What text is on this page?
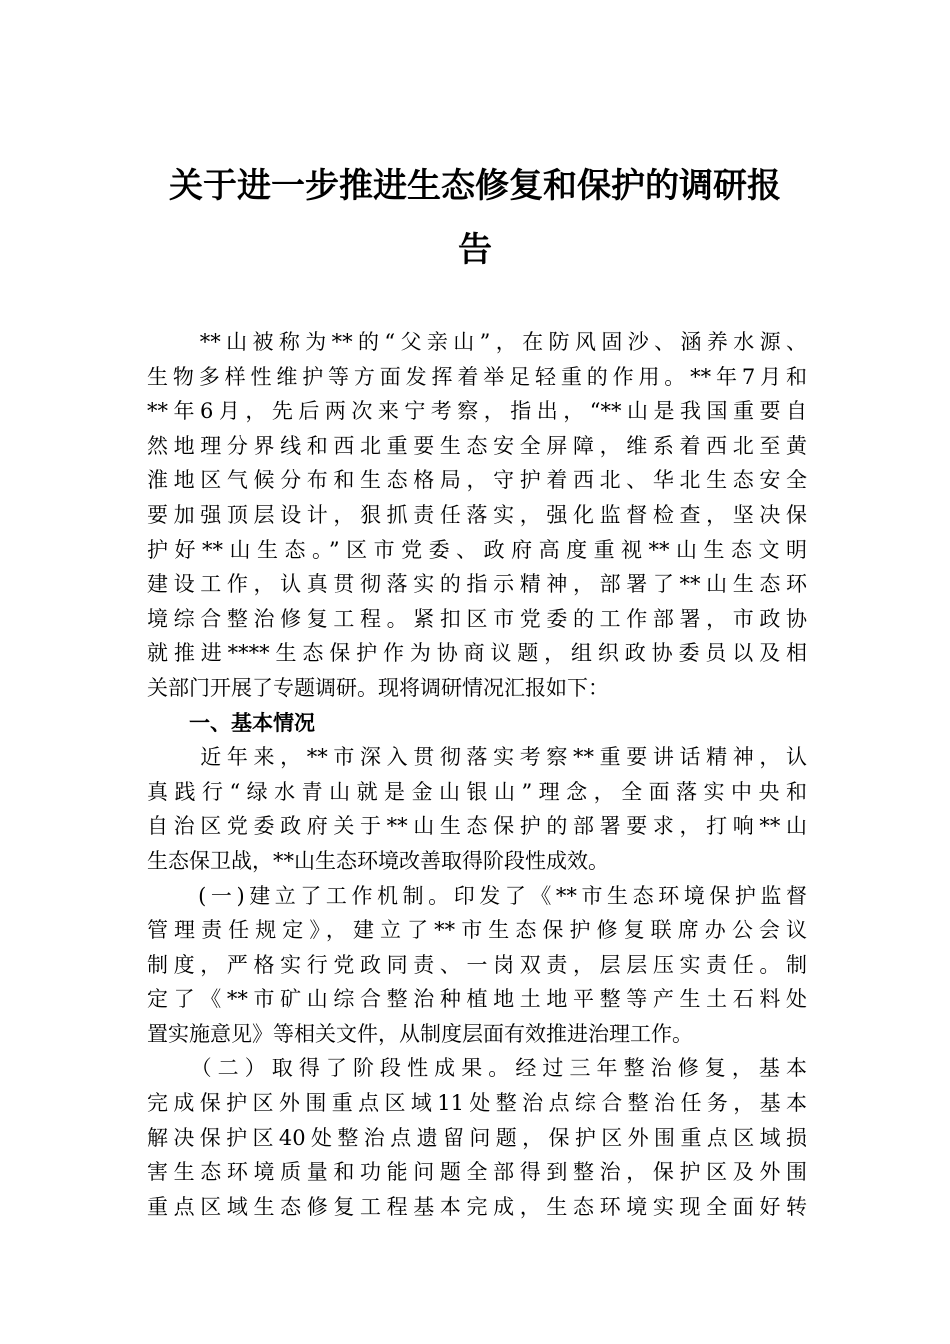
关于进一步推进生态修复和保护的调研报
告
　　**山被称为**的“父亲山”，在防风固沙、涵养水源、
生物多样性维护等方面发挥着举足轻重的作用。**年7月和
**年6月，先后两次来宁考察，指出，“**山是我国重要自
然地理分界线和西北重要生态安全屏障，维系着西北至黄
淮地区气候分布和生态格局，守护着西北、华北生态安全
要加强顶层设计，狠抓责任落实，强化监督检查，坚决保
护好**山生态。”区市党委、政府高度重视**山生态文明
建设工作，认真贯彻落实的指示精神，部署了**山生态环
境综合整治修复工程。紧扣区市党委的工作部署，市政协
就推进****生态保护作为协商议题，组织政协委员以及相
关部门开展了专题调研。现将调研情况汇报如下：
　　一、基本情况
　　近年来，**市深入贯彻落实考察**重要讲话精神，认
真践行“绿水青山就是金山银山”理念，全面落实中央和
自治区党委政府关于**山生态保护的部署要求，打响**山
生态保卫战，**山生态环境改善取得阶段性成效。
　　(一)建立了工作机制。印发了《**市生态环境保护监督
管理责任规定》，建立了**市生态保护修复联席办公会议
制度，严格实行党政同责、一岗双责，层层压实责任。制
定了《**市矿山综合整治种植地土地平整等产生土石料处
置实施意见》等相关文件，从制度层面有效推进治理工作。
　　（二）取得了阶段性成果。经过三年整治修复，基本
完成保护区外围重点区域11处整治点综合整治任务，基本
解决保护区40处整治点遗留问题，保护区外围重点区域损
害生态环境质量和功能问题全部得到整治，保护区及外围
重点区域生态修复工程基本完成，生态环境实现全面好转
